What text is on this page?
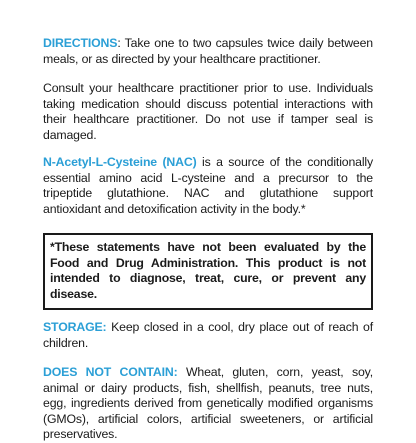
DIRECTIONS: Take one to two capsules twice daily between meals, or as directed by your healthcare practitioner.

Consult your healthcare practitioner prior to use. Individuals taking medication should discuss potential interactions with their healthcare practitioner. Do not use if tamper seal is damaged.

N-Acetyl-L-Cysteine (NAC) is a source of the conditionally essential amino acid L-cysteine and a precursor to the tripeptide glutathione. NAC and glutathione support antioxidant and detoxification activity in the body.*

*These statements have not been evaluated by the Food and Drug Administration. This product is not intended to diagnose, treat, cure, or prevent any disease.

STORAGE: Keep closed in a cool, dry place out of reach of children.

DOES NOT CONTAIN: Wheat, gluten, corn, yeast, soy, animal or dairy products, fish, shellfish, peanuts, tree nuts, egg, ingredients derived from genetically modified organisms (GMOs), artificial colors, artificial sweeteners, or artificial preservatives.
